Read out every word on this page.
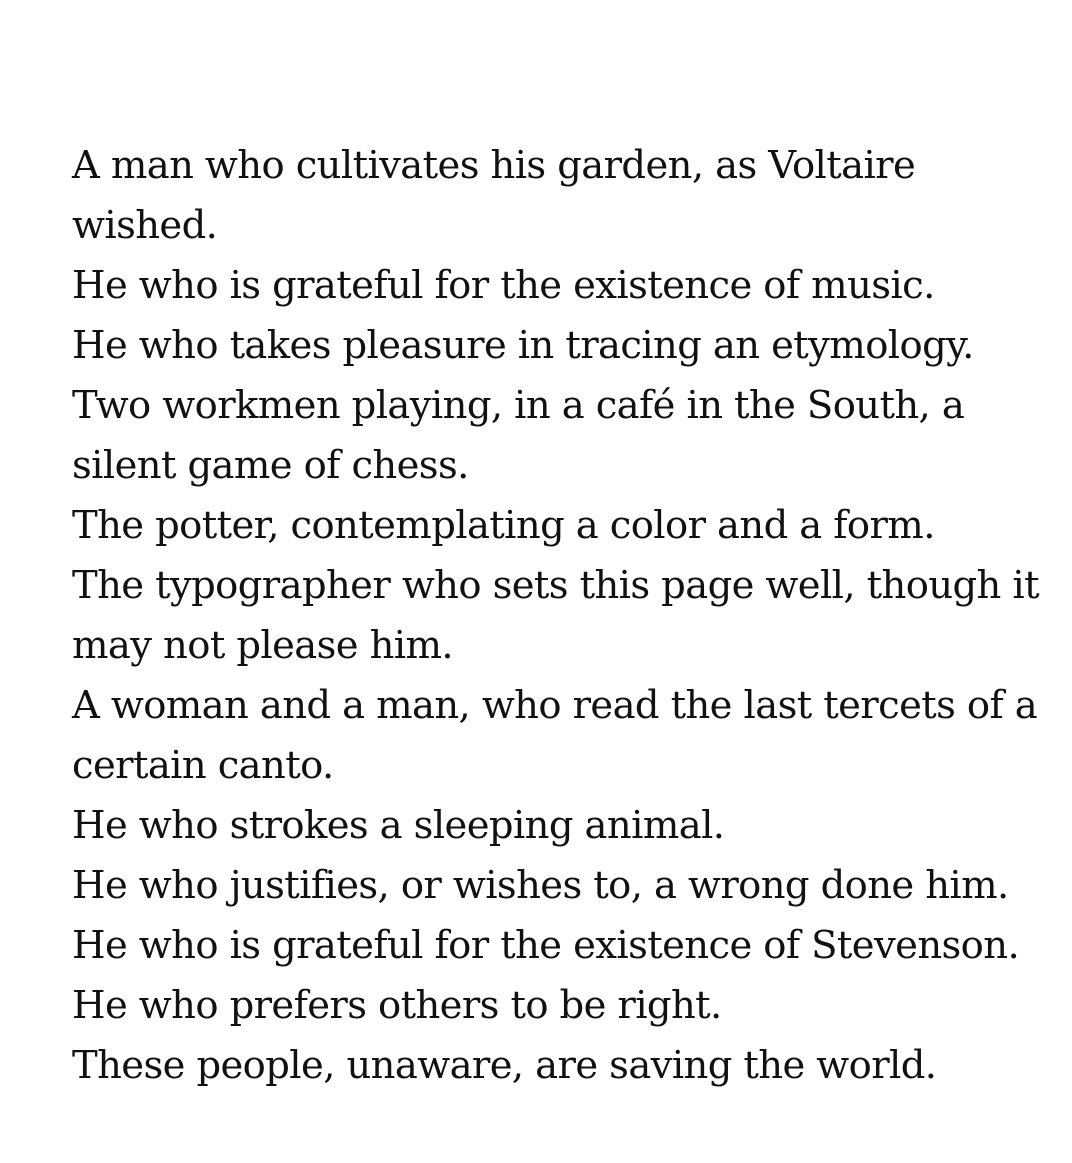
A man who cultivates his garden, as Voltaire wished.
He who is grateful for the existence of music.
He who takes pleasure in tracing an etymology.
Two workmen playing, in a café in the South, a silent game of chess.
The potter, contemplating a color and a form.
The typographer who sets this page well, though it may not please him.
A woman and a man, who read the last tercets of a certain canto.
He who strokes a sleeping animal.
He who justifies, or wishes to, a wrong done him.
He who is grateful for the existence of Stevenson.
He who prefers others to be right.
These people, unaware, are saving the world.
